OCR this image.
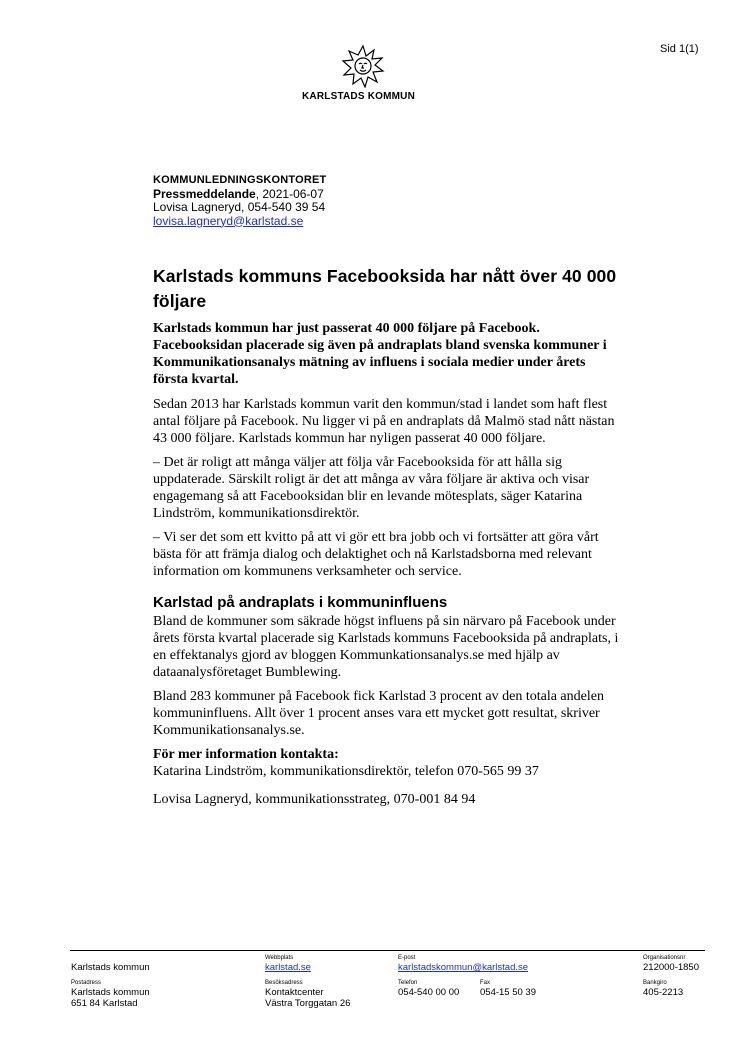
Sid 1(1)
KARLSTADS KOMMUN
KOMMUNLEDNINGSKONTORET
Pressmeddelande, 2021-06-07
Lovisa Lagneryd, 054-540 39 54
lovisa.lagneryd@karlstad.se
Karlstads kommuns Facebooksida har nått över 40 000 följare

Karlstads kommun har just passerat 40 000 följare på Facebook. Facebooksidan placerade sig även på andraplats bland svenska kommuner i Kommunikationsanalys mätning av influens i sociala medier under årets första kvartal.

Sedan 2013 har Karlstads kommun varit den kommun/stad i landet som haft flest antal följare på Facebook. Nu ligger vi på en andraplats då Malmö stad nått nästan 43 000 följare. Karlstads kommun har nyligen passerat 40 000 följare.

– Det är roligt att många väljer att följa vår Facebooksida för att hålla sig uppdaterade. Särskilt roligt är det att många av våra följare är aktiva och visar engagemang så att Facebooksidan blir en levande mötesplats, säger Katarina Lindström, kommunikationsdirektör.

– Vi ser det som ett kvitto på att vi gör ett bra jobb och vi fortsätter att göra vårt bästa för att främja dialog och delaktighet och nå Karlstadsborna med relevant information om kommunens verksamheter och service.

Karlstad på andraplats i kommuninfluens

Bland de kommuner som säkrade högst influens på sin närvaro på Facebook under årets första kvartal placerade sig Karlstads kommuns Facebooksida på andraplats, i en effektanalys gjord av bloggen Kommunkationsanalys.se med hjälp av dataanalysföretaget Bumblewing.

Bland 283 kommuner på Facebook fick Karlstad 3 procent av den totala andelen kommuninfluens. Allt över 1 procent anses vara ett mycket gott resultat, skriver Kommunikationsanalys.se.

För mer information kontakta:

Katarina Lindström, kommunikationsdirektör, telefon 070-565 99 37

Lovisa Lagneryd, kommunikationsstrateg, 070-001 84 94

Karlstads kommun
Webbplats
karlstad.se
E-post
karlstadskommun@karlstad.se
Organisationsnr
212000-1850
Postadress
Karlstads kommun
651 84 Karlstad
Besöksadress
Kontaktcenter
Västra Torggatan 26
Telefon
054-540 00 00
Fax
054-15 50 39
Bankgiro
405-2213
